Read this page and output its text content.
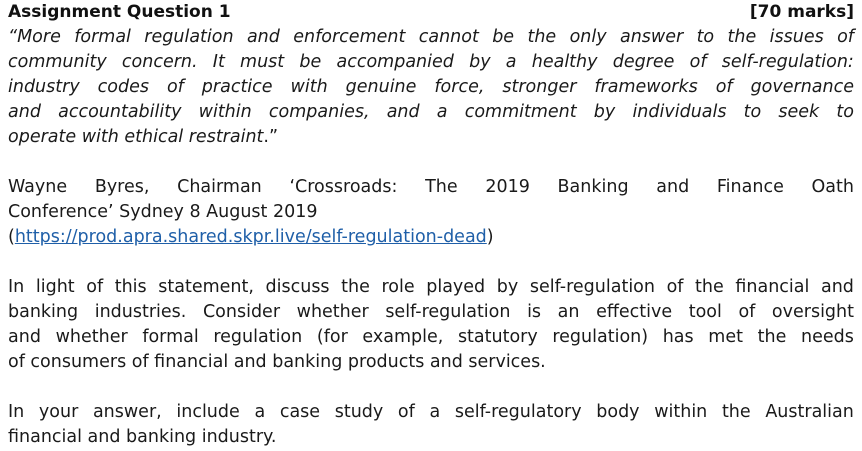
Assignment Question 1	[70 marks]
“More formal regulation and enforcement cannot be the only answer to the issues of
community concern. It must be accompanied by a healthy degree of self-regulation:
industry codes of practice with genuine force, stronger frameworks of governance
and accountability within companies, and a commitment by individuals to seek to
operate with ethical restraint.”
Wayne Byres, Chairman ‘Crossroads: The 2019 Banking and Finance Oath
Conference’ Sydney 8 August 2019
(https://prod.apra.shared.skpr.live/self-regulation-dead)
In light of this statement, discuss the role played by self-regulation of the financial and
banking industries. Consider whether self-regulation is an effective tool of oversight
and whether formal regulation (for example, statutory regulation) has met the needs
of consumers of financial and banking products and services.
In your answer, include a case study of a self-regulatory body within the Australian
financial and banking industry.
